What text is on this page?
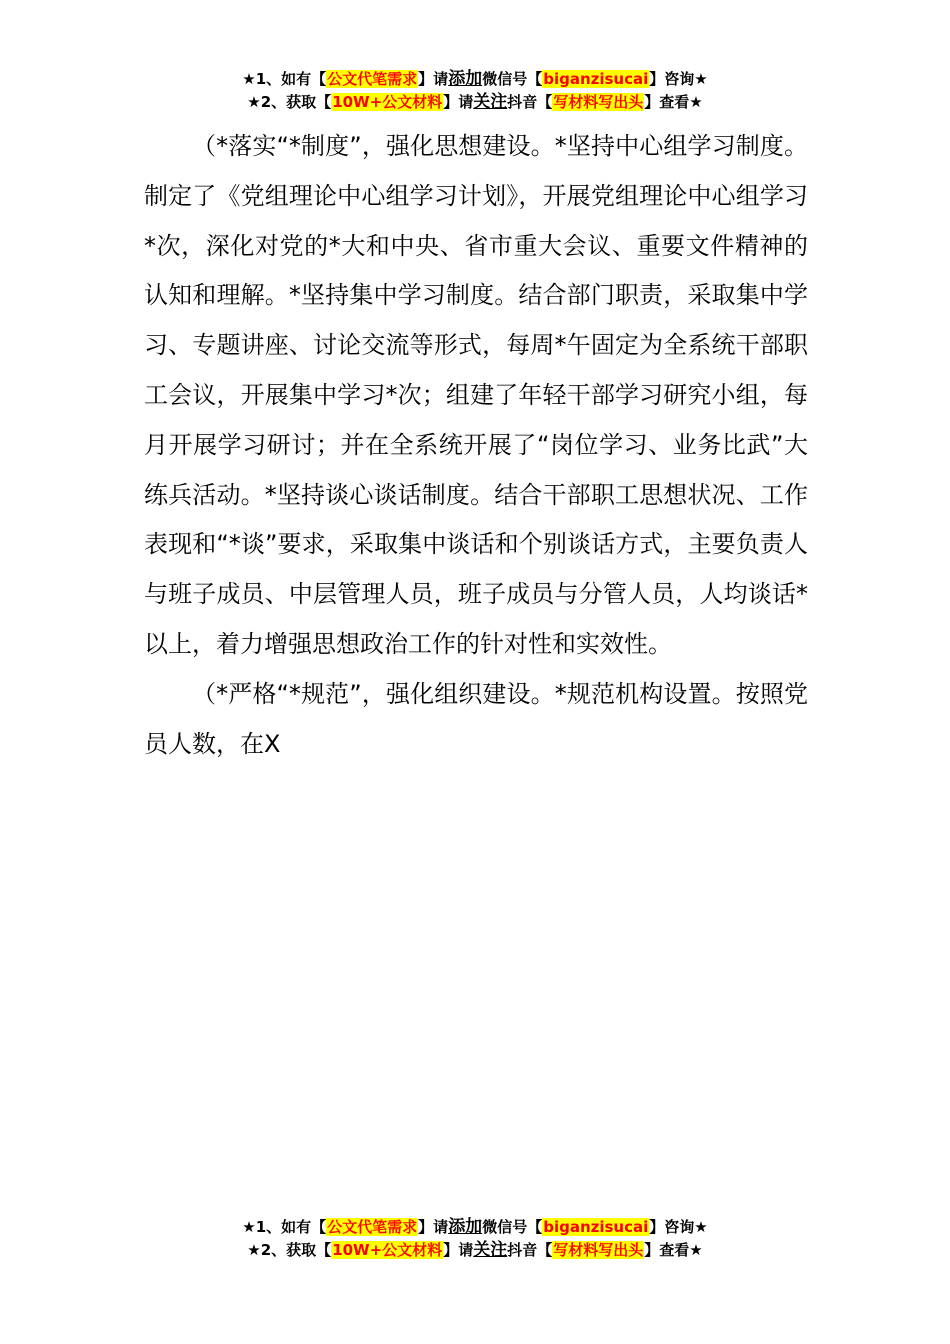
★1、如有【公文代笔需求】请添加微信号【biganzisucai】咨询★
★2、获取【10W+公文材料】请关注抖音【写材料写出头】查看★

（*落实“*制度”，强化思想建设。*坚持中心组学习制度。制定了《党组理论中心组学习计划》，开展党组理论中心组学习*次，深化对党的*大和中央、省市重大会议、重要文件精神的认知和理解。*坚持集中学习制度。结合部门职责，采取集中学习、专题讲座、讨论交流等形式，每周*午固定为全系统干部职工会议，开展集中学习*次；组建了年轻干部学习研究小组，每月开展学习研讨；并在全系统开展了“岗位学习、业务比武”大练兵活动。*坚持谈心谈话制度。结合干部职工思想状况、工作表现和“*谈”要求，采取集中谈话和个别谈话方式，主要负责人与班子成员、中层管理人员，班子成员与分管人员，人均谈话*以上，着力增强思想政治工作的针对性和实效性。

（*严格“*规范”，强化组织建设。*规范机构设置。按照党员人数，在X

★1、如有【公文代笔需求】请添加微信号【biganzisucai】咨询★
★2、获取【10W+公文材料】请关注抖音【写材料写出头】查看★
